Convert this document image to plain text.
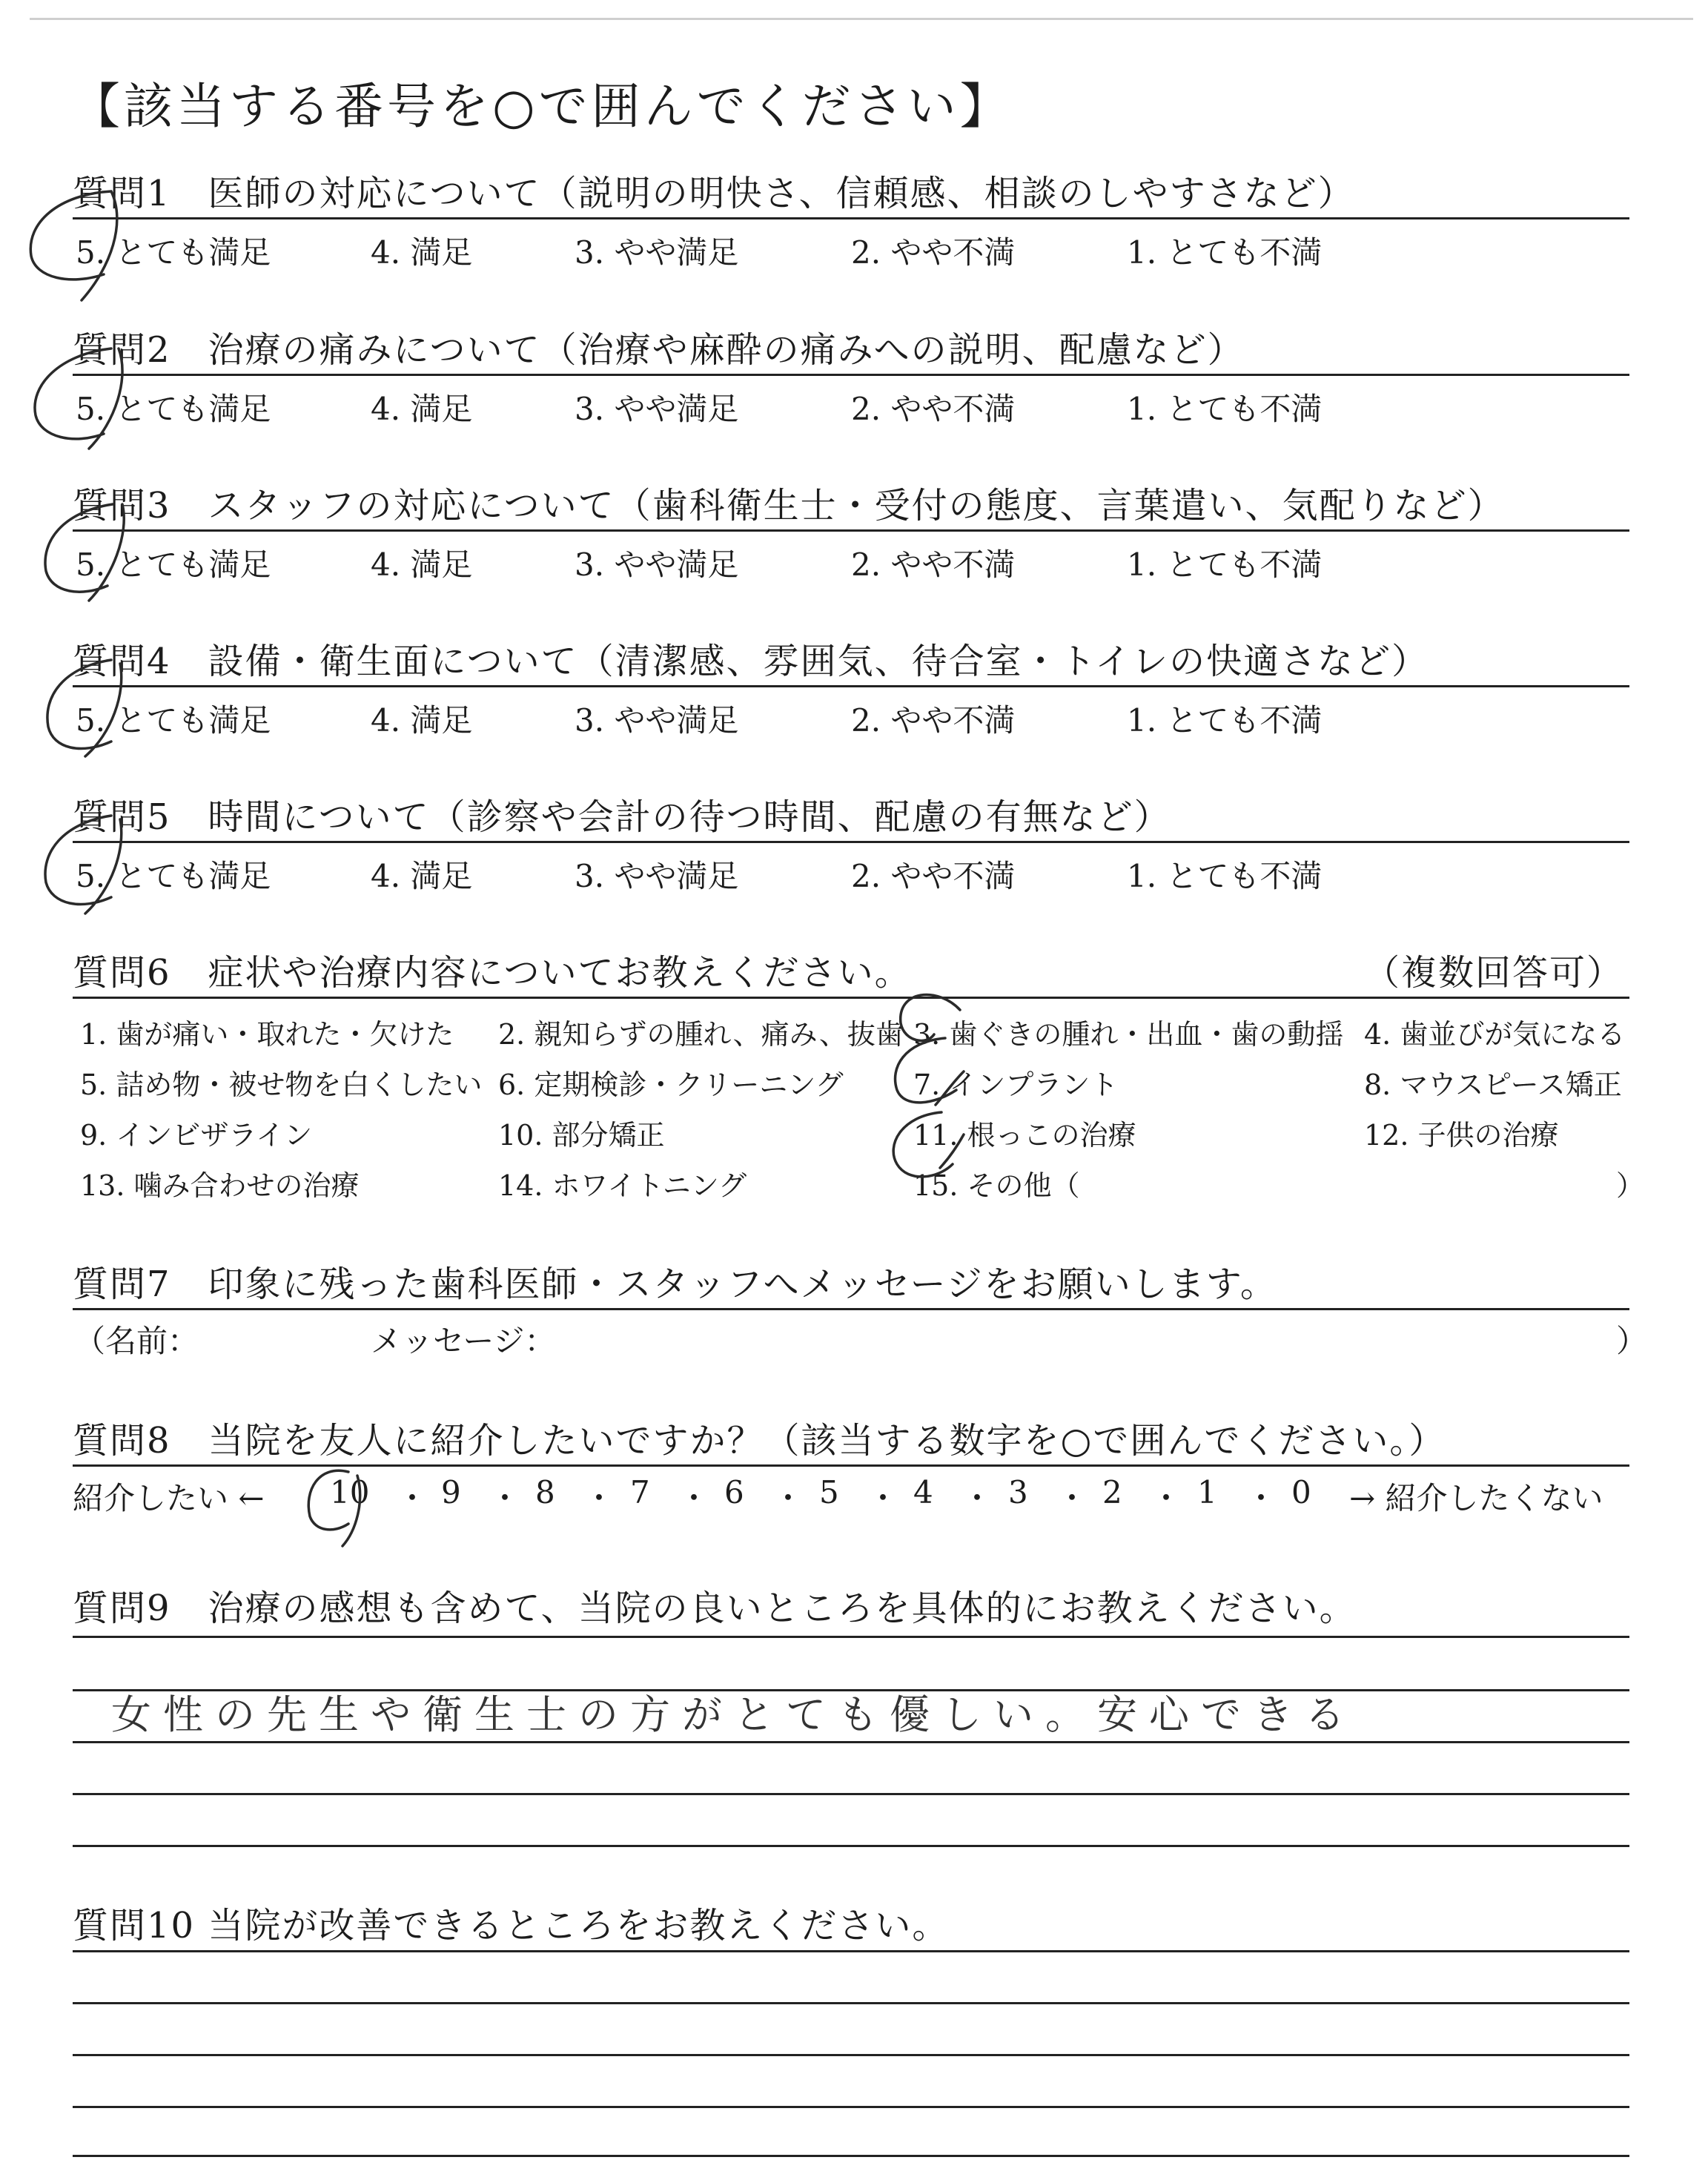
【該当する番号を○で囲んでください】
質問1　医師の対応について（説明の明快さ、信頼感、相談のしやすさなど）
5. とても満足	4. 満足	3. やや満足	2. やや不満	1. とても不満
質問2　治療の痛みについて（治療や麻酔の痛みへの説明、配慮など）
5. とても満足	4. 満足	3. やや満足	2. やや不満	1. とても不満
質問3　スタッフの対応について（歯科衛生士・受付の態度、言葉遣い、気配りなど）
5. とても満足	4. 満足	3. やや満足	2. やや不満	1. とても不満
質問4　設備・衛生面について（清潔感、雰囲気、待合室・トイレの快適さなど）
5. とても満足	4. 満足	3. やや満足	2. やや不満	1. とても不満
質問5　時間について（診察や会計の待つ時間、配慮の有無など）
5. とても満足	4. 満足	3. やや満足	2. やや不満	1. とても不満
質問6　症状や治療内容についてお教えください。	（複数回答可）
1. 歯が痛い・取れた・欠けた 2. 親知らずの腫れ、痛み、抜歯 3. 歯ぐきの腫れ・出血・歯の動揺 4. 歯並びが気になる
5. 詰め物・被せ物を白くしたい 6. 定期検診・クリーニング 7. インプラント	8. マウスピース矯正
9. インビザライン	10. 部分矯正	11. 根っこの治療	12. 子供の治療
13. 噛み合わせの治療	14. ホワイトニング	15. その他（	）
質問7　印象に残った歯科医師・スタッフへメッセージをお願いします。
（名前：	メッセージ：	）
質問8　当院を友人に紹介したいですか？（該当する数字を○で囲んでください。）
紹介したい ← 10 ・ 9 ・ 8 ・ 7 ・ 6 ・ 5 ・ 4 ・ 3 ・ 2 ・ 1 ・ 0 → 紹介したくない
質問9　治療の感想も含めて、当院の良いところを具体的にお教えください。
女性の先生や衛生士の方がとても優しい。安心できる
質問10 当院が改善できるところをお教えください。
